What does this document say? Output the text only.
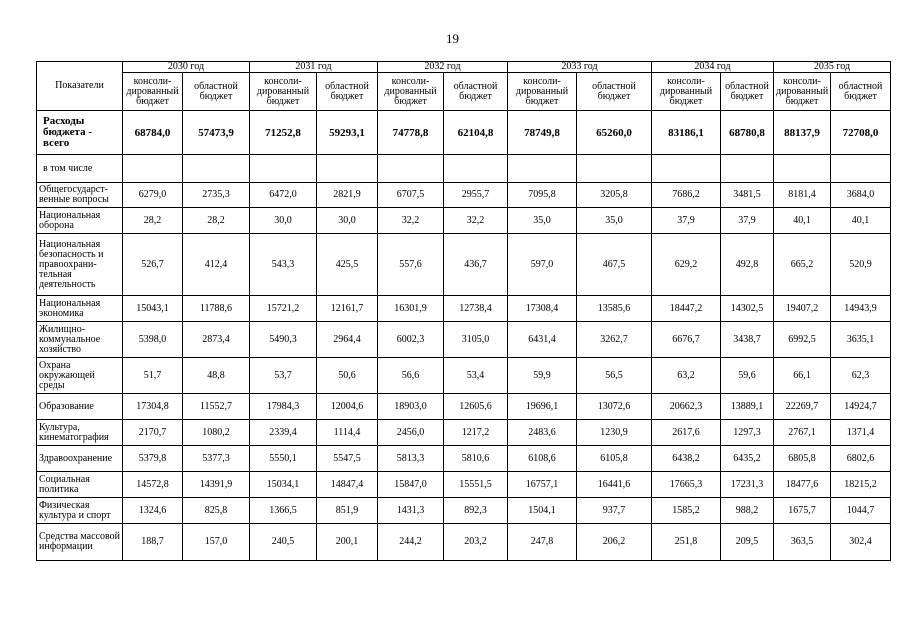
19
Показатели	2030 год		2031 год		2032 год		2033 год		2034 год		2035 год	
	консоли-дированный бюджет	областной бюджет	консоли-дированный бюджет	областной бюджет	консоли-дированный бюджет	областной бюджет	консоли-дированный бюджет	областной бюджет	консоли-дированный бюджет	областной бюджет	консоли-дированный бюджет	областной бюджет
Расходы бюджета - всего	68784,0	57473,9	71252,8	59293,1	74778,8	62104,8	78749,8	65260,0	83186,1	68780,8	88137,9	72708,0
в том числе												
Общегосударст-венные вопросы	6279,0	2735,3	6472,0	2821,9	6707,5	2955,7	7095,8	3205,8	7686,2	3481,5	8181,4	3684,0
Национальная оборона	28,2	28,2	30,0	30,0	32,2	32,2	35,0	35,0	37,9	37,9	40,1	40,1
Национальная безопасность и правоохрани-тельная деятельность	526,7	412,4	543,3	425,5	557,6	436,7	597,0	467,5	629,2	492,8	665,2	520,9
Национальная экономика	15043,1	11788,6	15721,2	12161,7	16301,9	12738,4	17308,4	13585,6	18447,2	14302,5	19407,2	14943,9
Жилищно-коммунальное хозяйство	5398,0	2873,4	5490,3	2964,4	6002,3	3105,0	6431,4	3262,7	6676,7	3438,7	6992,5	3635,1
Охрана окружающей среды	51,7	48,8	53,7	50,6	56,6	53,4	59,9	56,5	63,2	59,6	66,1	62,3
Образование	17304,8	11552,7	17984,3	12004,6	18903,0	12605,6	19696,1	13072,6	20662,3	13889,1	22269,7	14924,7
Культура, кинематография	2170,7	1080,2	2339,4	1114,4	2456,0	1217,2	2483,6	1230,9	2617,6	1297,3	2767,1	1371,4
Здравоохранение	5379,8	5377,3	5550,1	5547,5	5813,3	5810,6	6108,6	6105,8	6438,2	6435,2	6805,8	6802,6
Социальная политика	14572,8	14391,9	15034,1	14847,4	15847,0	15551,5	16757,1	16441,6	17665,3	17231,3	18477,6	18215,2
Физическая культура и спорт	1324,6	825,8	1366,5	851,9	1431,3	892,3	1504,1	937,7	1585,2	988,2	1675,7	1044,7
Средства массовой информации	188,7	157,0	240,5	200,1	244,2	203,2	247,8	206,2	251,8	209,5	363,5	302,4
